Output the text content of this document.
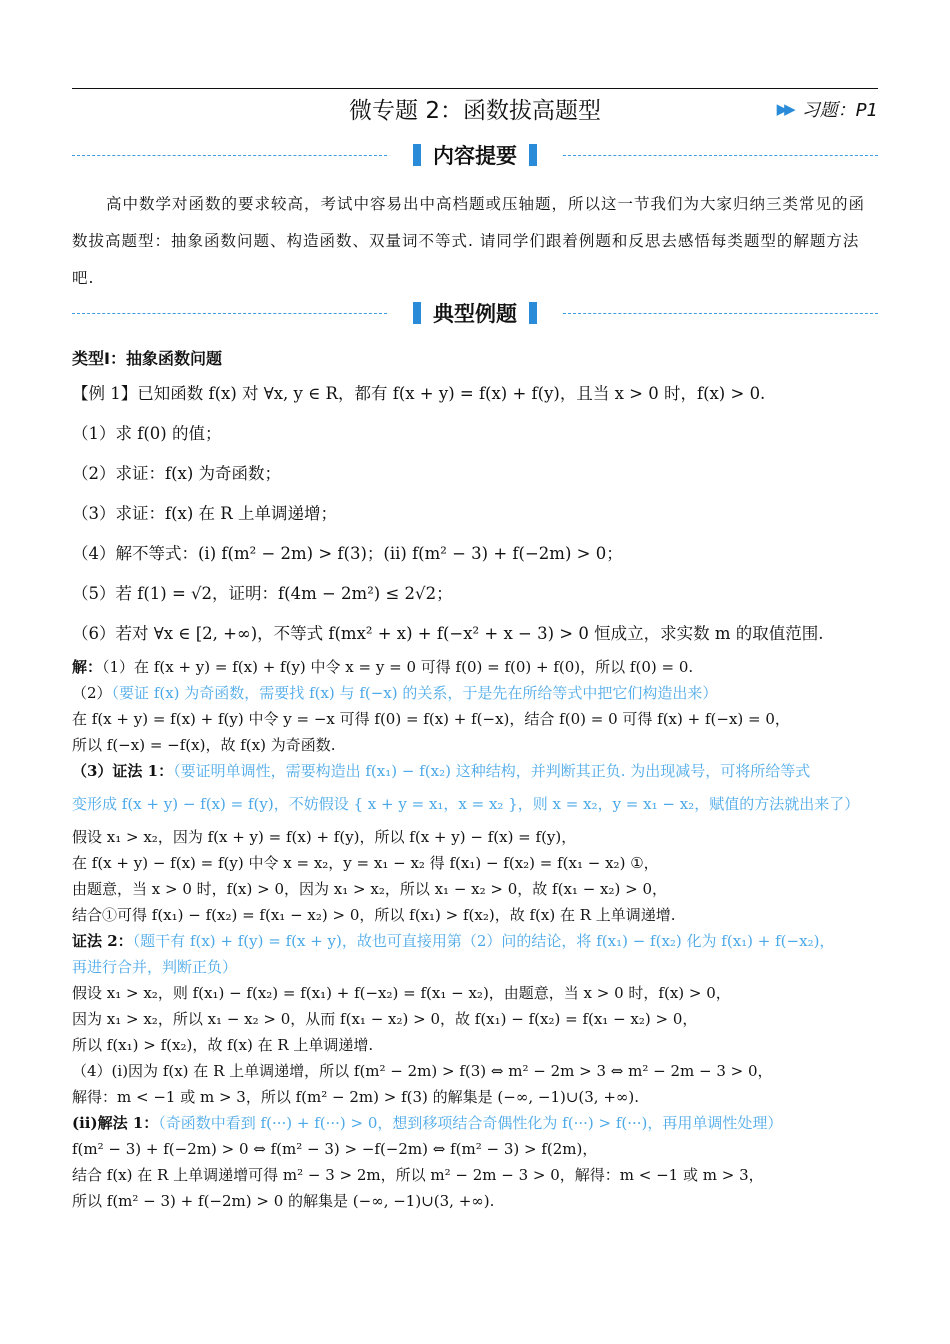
微专题 2：函数拔高题型	▶▶ 习题：P1
内容提要
高中数学对函数的要求较高，考试中容易出中高档题或压轴题，所以这一节我们为大家归纳三类常见的函数拔高题型：抽象函数问题、构造函数、双量词不等式. 请同学们跟着例题和反思去感悟每类题型的解题方法吧.
典型例题
类型Ⅰ：抽象函数问题
【例 1】已知函数 f(x) 对 ∀x, y ∈ R，都有 f(x + y) = f(x) + f(y)，且当 x > 0 时，f(x) > 0.
（1）求 f(0) 的值；
（2）求证：f(x) 为奇函数；
（3）求证：f(x) 在 R 上单调递增；
（4）解不等式：(i) f(m² − 2m) > f(3)；(ii) f(m² − 3) + f(−2m) > 0；
（5）若 f(1) = √2，证明：f(4m − 2m²) ≤ 2√2；
（6）若对 ∀x ∈ [2, +∞)，不等式 f(mx² + x) + f(−x² + x − 3) > 0 恒成立，求实数 m 的取值范围.
解：（1）在 f(x + y) = f(x) + f(y) 中令 x = y = 0 可得 f(0) = f(0) + f(0)，所以 f(0) = 0.
（2）（要证 f(x) 为奇函数，需要找 f(x) 与 f(−x) 的关系，于是先在所给等式中把它们构造出来）
在 f(x + y) = f(x) + f(y) 中令 y = −x 可得 f(0) = f(x) + f(−x)，结合 f(0) = 0 可得 f(x) + f(−x) = 0，
所以 f(−x) = −f(x)，故 f(x) 为奇函数.
（3）证法 1：（要证明单调性，需要构造出 f(x₁) − f(x₂) 这种结构，并判断其正负. 为出现减号，可将所给等式
变形成 f(x + y) − f(x) = f(y)，不妨假设 { x + y = x₁，x = x₂ }，则 x = x₂，y = x₁ − x₂，赋值的方法就出来了）
假设 x₁ > x₂，因为 f(x + y) = f(x) + f(y)，所以 f(x + y) − f(x) = f(y)，
在 f(x + y) − f(x) = f(y) 中令 x = x₂，y = x₁ − x₂ 得 f(x₁) − f(x₂) = f(x₁ − x₂) ①，
由题意，当 x > 0 时，f(x) > 0，因为 x₁ > x₂，所以 x₁ − x₂ > 0，故 f(x₁ − x₂) > 0，
结合①可得 f(x₁) − f(x₂) = f(x₁ − x₂) > 0，所以 f(x₁) > f(x₂)，故 f(x) 在 R 上单调递增.
证法 2：（题干有 f(x) + f(y) = f(x + y)，故也可直接用第（2）问的结论，将 f(x₁) − f(x₂) 化为 f(x₁) + f(−x₂)，
再进行合并，判断正负）
假设 x₁ > x₂，则 f(x₁) − f(x₂) = f(x₁) + f(−x₂) = f(x₁ − x₂)，由题意，当 x > 0 时，f(x) > 0，
因为 x₁ > x₂，所以 x₁ − x₂ > 0，从而 f(x₁ − x₂) > 0，故 f(x₁) − f(x₂) = f(x₁ − x₂) > 0，
所以 f(x₁) > f(x₂)，故 f(x) 在 R 上单调递增.
（4）(i)因为 f(x) 在 R 上单调递增，所以 f(m² − 2m) > f(3) ⇔ m² − 2m > 3 ⇔ m² − 2m − 3 > 0，
解得：m < −1 或 m > 3，所以 f(m² − 2m) > f(3) 的解集是 (−∞, −1)∪(3, +∞).
(ii)解法 1：（奇函数中看到 f(···) + f(···) > 0，想到移项结合奇偶性化为 f(···) > f(···)，再用单调性处理）
f(m² − 3) + f(−2m) > 0 ⇔ f(m² − 3) > −f(−2m) ⇔ f(m² − 3) > f(2m)，
结合 f(x) 在 R 上单调递增可得 m² − 3 > 2m，所以 m² − 2m − 3 > 0，解得：m < −1 或 m > 3，
所以 f(m² − 3) + f(−2m) > 0 的解集是 (−∞, −1)∪(3, +∞).
